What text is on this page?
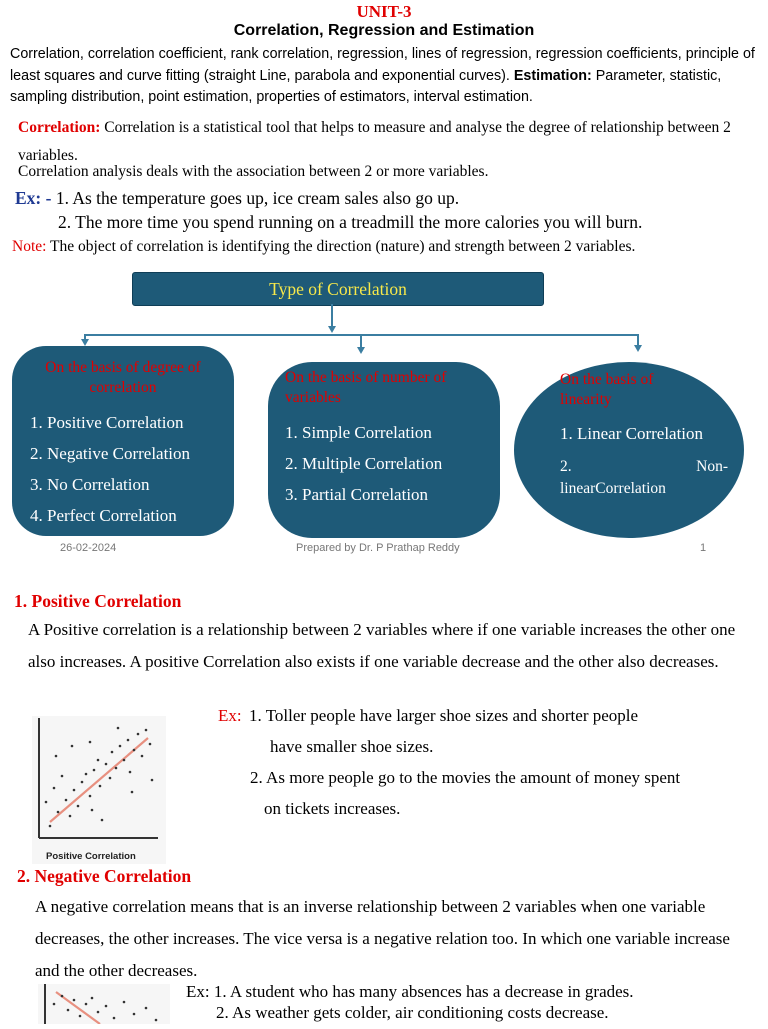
UNIT-3
Correlation, Regression and Estimation
Correlation, correlation coefficient, rank correlation, regression, lines of regression, regression coefficients, principle of least squares and curve fitting (straight Line, parabola and exponential curves). Estimation: Parameter, statistic, sampling distribution, point estimation, properties of estimators, interval estimation.
Correlation: Correlation is a statistical tool that helps to measure and analyse the degree of relationship between 2 variables.
Correlation analysis deals with the association between 2 or more variables.
Ex: - 1. As the temperature goes up, ice cream sales also go up.
2. The more time you spend running on a treadmill the more calories you will burn.
Note: The object of correlation is identifying the direction (nature) and strength between 2 variables.
Type of Correlation
On the basis of degree of correlation
1. Positive Correlation
2. Negative Correlation
3. No Correlation
4. Perfect Correlation
On the basis of number of variables
1. Simple Correlation
2. Multiple Correlation
3. Partial Correlation
On the basis of linearity
1. Linear Correlation
2.	Non-
linearCorrelation
26-02-2024	Prepared by Dr. P Prathap Reddy	1
1. Positive Correlation
A Positive correlation is a relationship between 2 variables where if one variable increases the other one also increases. A positive Correlation also exists if one variable decrease and the other also decreases.
Positive Correlation
Ex: 1. Toller people have larger shoe sizes and shorter people
have smaller shoe sizes.
2. As more people go to the movies the amount of money spent
on tickets increases.
2. Negative Correlation
A negative correlation means that is an inverse relationship between 2 variables when one variable decreases, the other increases. The vice versa is a negative relation too. In which one variable increase and the other decreases.
Ex: 1. A student who has many absences has a decrease in grades.
2. As weather gets colder, air conditioning costs decrease.
